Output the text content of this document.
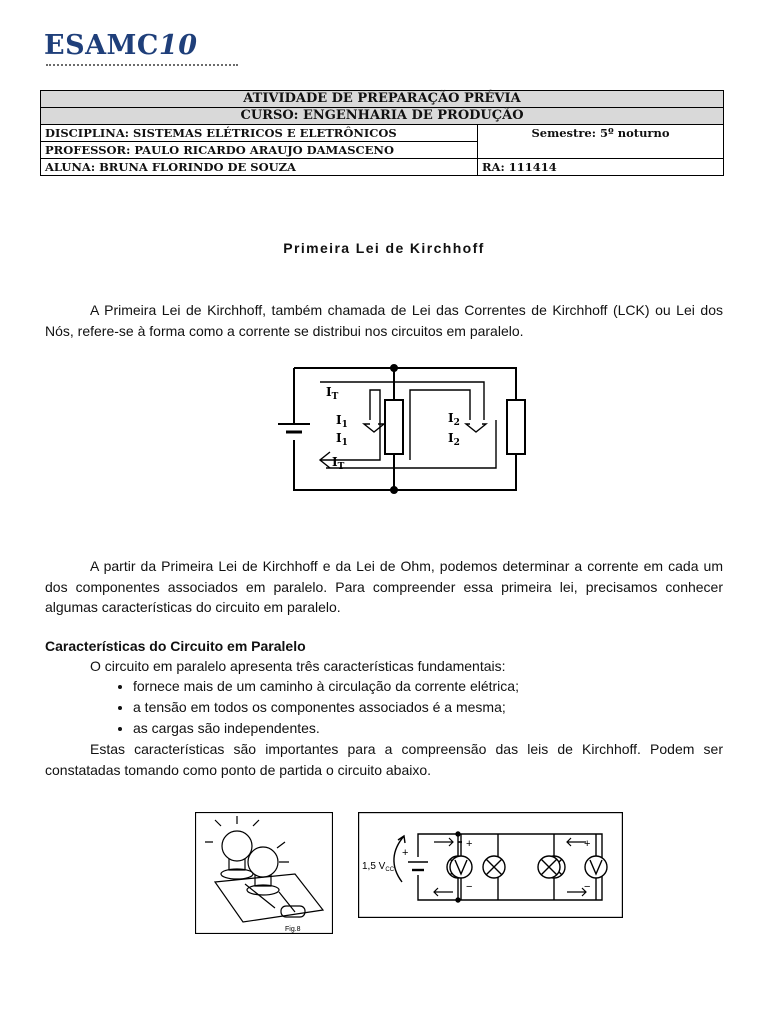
ESAMC10
ATIVIDADE DE PREPARAÇÃO PRÉVIA	
CURSO: ENGENHARIA DE PRODUÇÃO	
DISCIPLINA: SISTEMAS ELÉTRICOS E ELETRÔNICOS	Semestre: 5º noturno
PROFESSOR: PAULO RICARDO ARAUJO DAMASCENO	
ALUNA: BRUNA FLORINDO DE SOUZA	RA: 111414
Primeira Lei de Kirchhoff

A Primeira Lei de Kirchhoff, também chamada de Lei das Correntes de Kirchhoff (LCK) ou Lei dos Nós, refere-se à forma como a corrente se distribui nos circuitos em paralelo.

$I_T$
$I_1$
$I_1$
$I_T$
$I_2$
$I_2$

A partir da Primeira Lei de Kirchhoff e da Lei de Ohm, podemos determinar a corrente em cada um dos componentes associados em paralelo. Para compreender essa primeira lei, precisamos conhecer algumas características do circuito em paralelo.

Características do Circuito em Paralelo

O circuito em paralelo apresenta três características fundamentais:

• fornece mais de um caminho à circulação da corrente elétrica;
• a tensão em todos os componentes associados é a mesma;
• as cargas são independentes.

Estas características são importantes para a compreensão das leis de Kirchhoff. Podem ser constatadas tomando como ponto de partida o circuito abaixo.

Fig.8
1,5 $V_{CC}$
+
+
−
+
−
